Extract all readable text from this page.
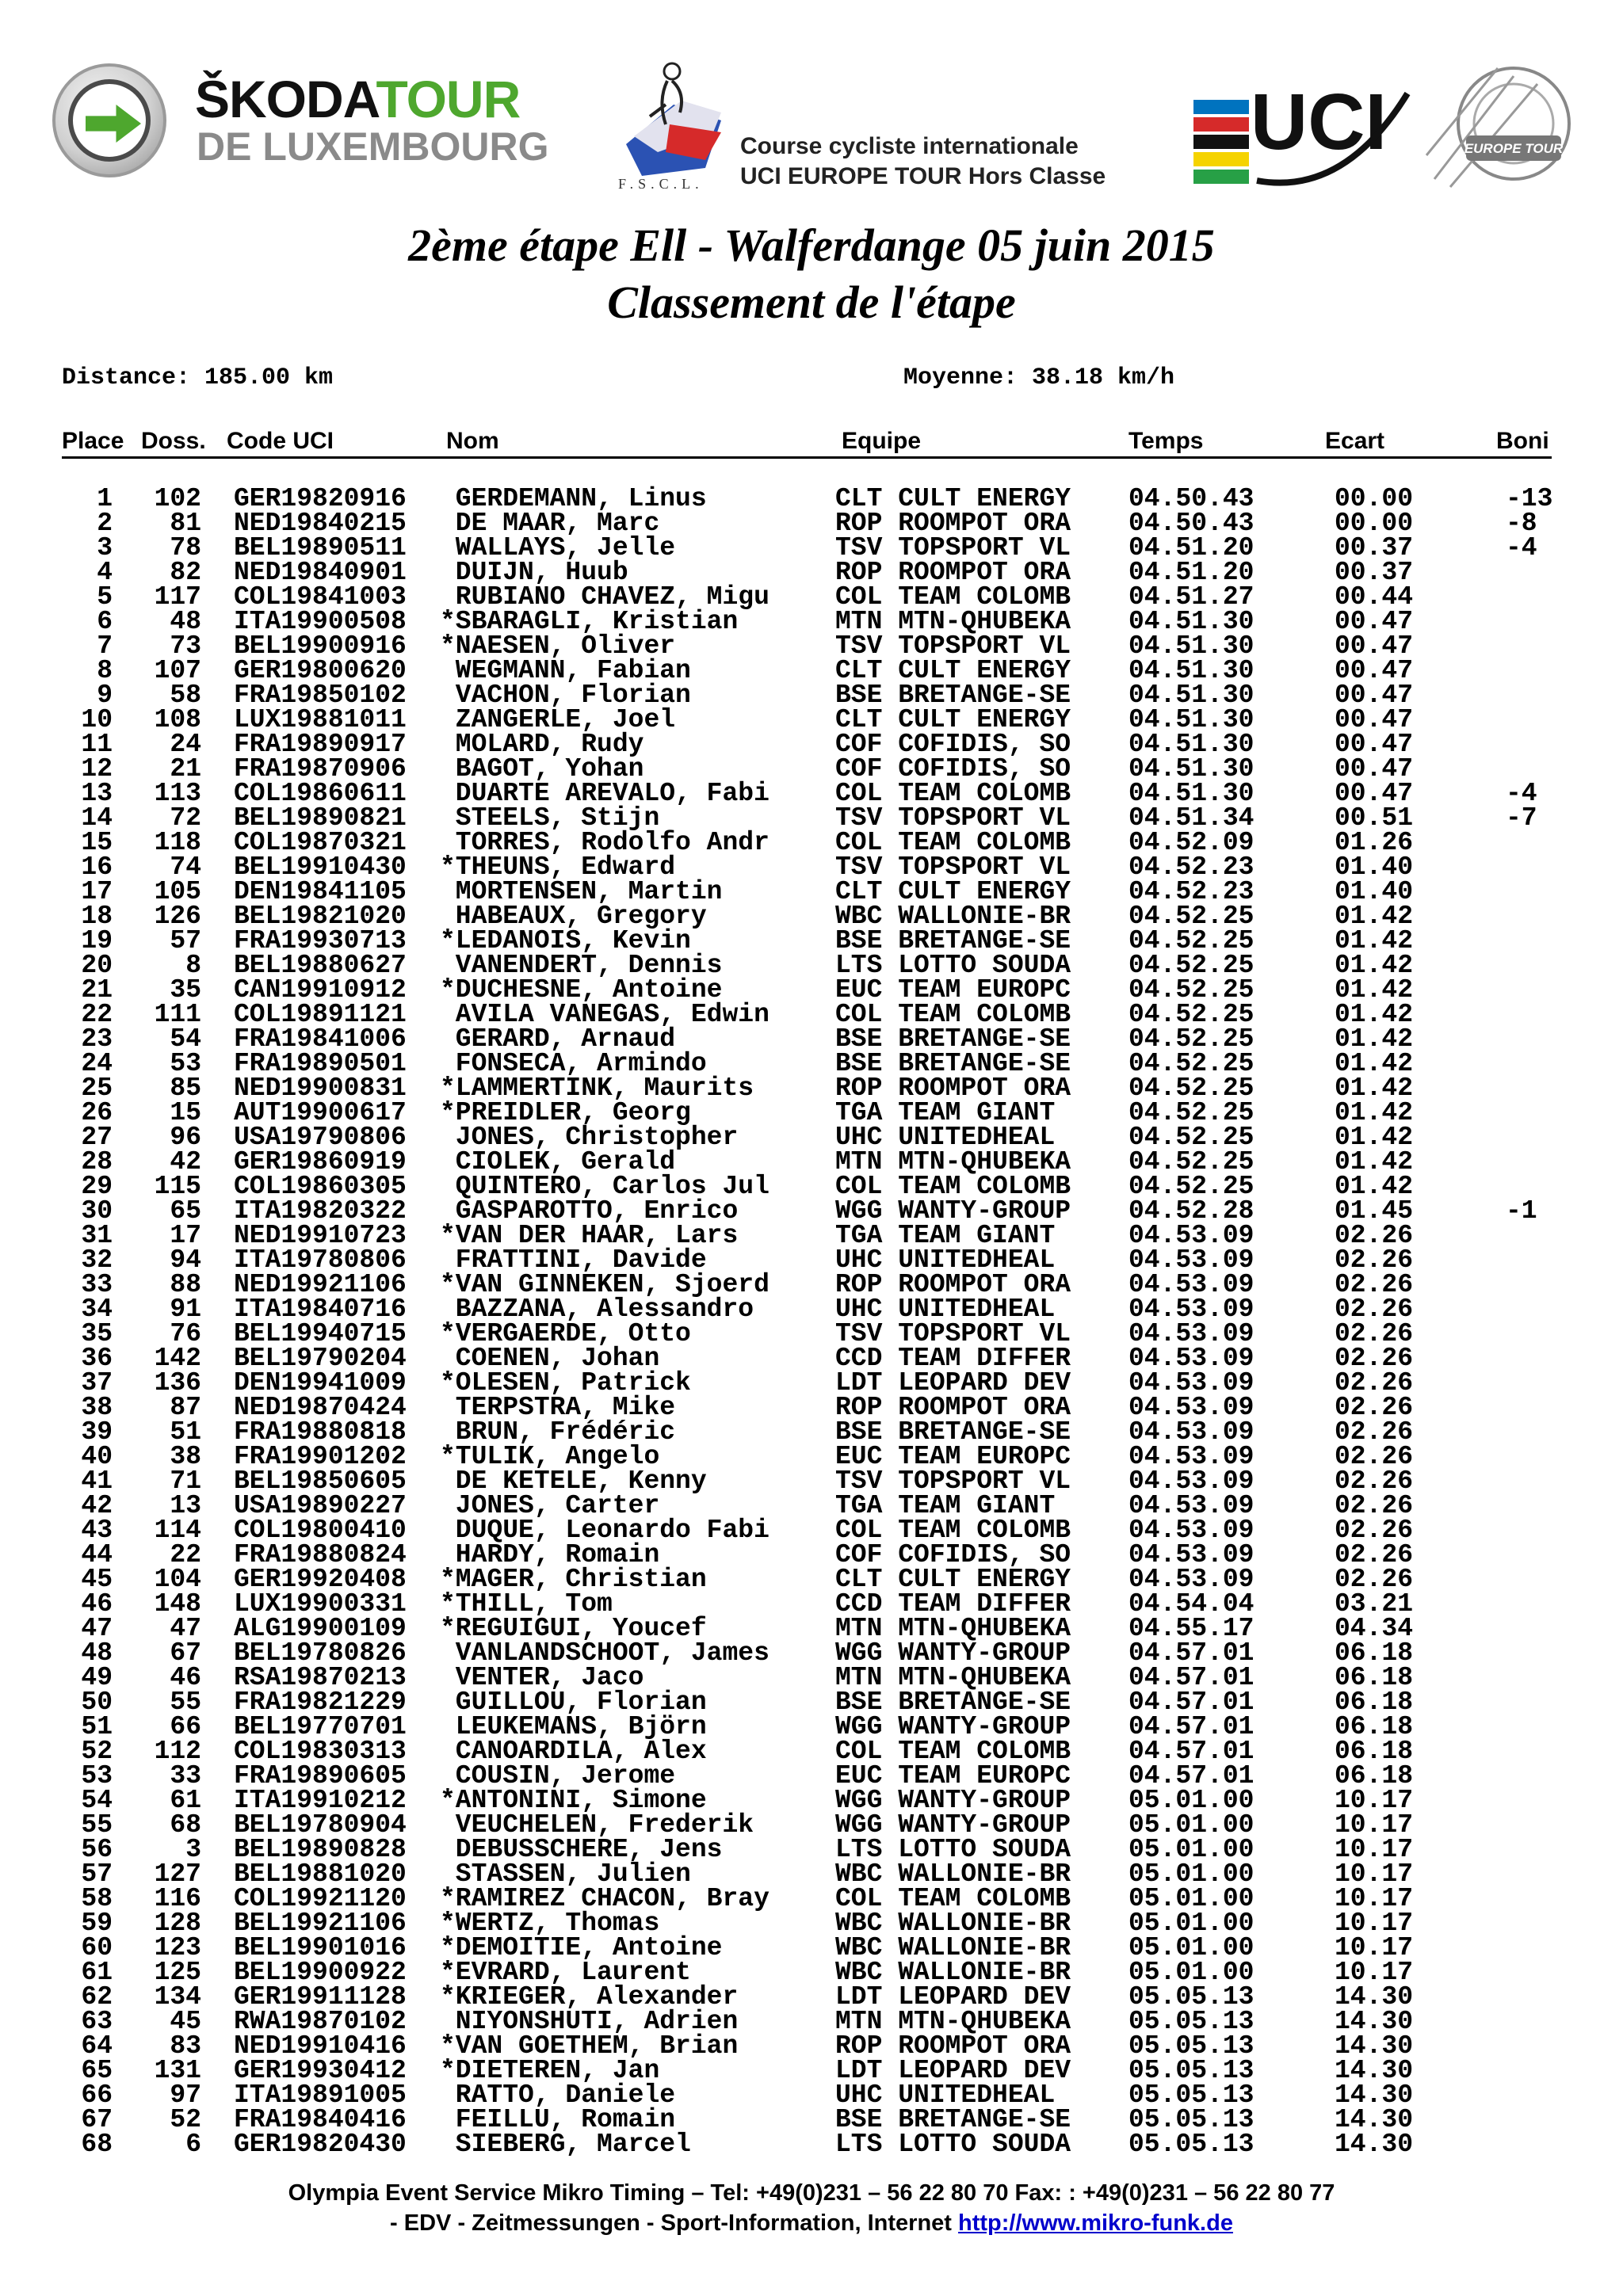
ŠKODATOUR
DE LUXEMBOURG
F.S.C.L.
Course cycliste internationale
UCI EUROPE TOUR Hors Classe
UCI	EUROPE TOUR
2ème étape Ell - Walferdange 05 juin 2015
Classement de l'étape
Distance: 185.00 km	Moyenne: 38.18 km/h
Place Doss. Code UCI	Nom	Equipe	Temps	Ecart	Boni
1	102 GER19820916 GERDEMANN, Linus	CLT CULT ENERGY 04.50.43	00.00	-13
2	81 NED19840215 DE MAAR, Marc	ROP ROOMPOT ORA 04.50.43	00.00	-8
3	78 BEL19890511 WALLAYS, Jelle	TSV TOPSPORT VL 04.51.20	00.37	-4
4	82 NED19840901 DUIJN, Huub	ROP ROOMPOT ORA 04.51.20	00.37
5	117 COL19841003 RUBIANO CHAVEZ, Migu	COL TEAM COLOMB 04.51.27	00.44
6	48 ITA19900508 *SBARAGLI, Kristian	MTN MTN-QHUBEKA 04.51.30	00.47
7	73 BEL19900916 *NAESEN, Oliver	TSV TOPSPORT VL 04.51.30	00.47
8	107 GER19800620 WEGMANN, Fabian	CLT CULT ENERGY 04.51.30	00.47
9	58 FRA19850102 VACHON, Florian	BSE BRETANGE-SE 04.51.30	00.47
10	108 LUX19881011 ZANGERLE, Joel	CLT CULT ENERGY 04.51.30	00.47
11	24 FRA19890917 MOLARD, Rudy	COF COFIDIS, SO 04.51.30	00.47
12	21 FRA19870906 BAGOT, Yohan	COF COFIDIS, SO 04.51.30	00.47
13	113 COL19860611 DUARTE AREVALO, Fabi	COL TEAM COLOMB 04.51.30	00.47	-4
14	72 BEL19890821 STEELS, Stijn	TSV TOPSPORT VL 04.51.34	00.51	-7
15	118 COL19870321 TORRES, Rodolfo Andr	COL TEAM COLOMB 04.52.09	01.26
16	74 BEL19910430 *THEUNS, Edward	TSV TOPSPORT VL 04.52.23	01.40
17	105 DEN19841105 MORTENSEN, Martin	CLT CULT ENERGY 04.52.23	01.40
18	126 BEL19821020 HABEAUX, Gregory	WBC WALLONIE-BR 04.52.25	01.42
19	57 FRA19930713 *LEDANOIS, Kevin	BSE BRETANGE-SE 04.52.25	01.42
20	8 BEL19880627 VANENDERT, Dennis	LTS LOTTO SOUDA 04.52.25	01.42
21	35 CAN19910912 *DUCHESNE, Antoine	EUC TEAM EUROPC 04.52.25	01.42
22	111 COL19891121 AVILA VANEGAS, Edwin	COL TEAM COLOMB 04.52.25	01.42
23	54 FRA19841006 GERARD, Arnaud	BSE BRETANGE-SE 04.52.25	01.42
24	53 FRA19890501 FONSECA, Armindo	BSE BRETANGE-SE 04.52.25	01.42
25	85 NED19900831 *LAMMERTINK, Maurits	ROP ROOMPOT ORA 04.52.25	01.42
26	15 AUT19900617 *PREIDLER, Georg	TGA TEAM GIANT	04.52.25	01.42
27	96 USA19790806 JONES, Christopher	UHC UNITEDHEAL	04.52.25	01.42
28	42 GER19860919 CIOLEK, Gerald	MTN MTN-QHUBEKA 04.52.25	01.42
29	115 COL19860305 QUINTERO, Carlos Jul	COL TEAM COLOMB 04.52.25	01.42
30	65 ITA19820322 GASPAROTTO, Enrico	WGG WANTY-GROUP 04.52.28	01.45	-1
31	17 NED19910723 *VAN DER HAAR, Lars	TGA TEAM GIANT	04.53.09	02.26
32	94 ITA19780806 FRATTINI, Davide	UHC UNITEDHEAL	04.53.09	02.26
33	88 NED19921106 *VAN GINNEKEN, Sjoerd	ROP ROOMPOT ORA 04.53.09	02.26
34	91 ITA19840716 BAZZANA, Alessandro	UHC UNITEDHEAL	04.53.09	02.26
35	76 BEL19940715 *VERGAERDE, Otto	TSV TOPSPORT VL 04.53.09	02.26
36	142 BEL19790204 COENEN, Johan	CCD TEAM DIFFER 04.53.09	02.26
37	136 DEN19941009 *OLESEN, Patrick	LDT LEOPARD DEV 04.53.09	02.26
38	87 NED19870424 TERPSTRA, Mike	ROP ROOMPOT ORA 04.53.09	02.26
39	51 FRA19880818 BRUN, Frédéric	BSE BRETANGE-SE 04.53.09	02.26
40	38 FRA19901202 *TULIK, Angelo	EUC TEAM EUROPC 04.53.09	02.26
41	71 BEL19850605 DE KETELE, Kenny	TSV TOPSPORT VL 04.53.09	02.26
42	13 USA19890227 JONES, Carter	TGA TEAM GIANT	04.53.09	02.26
43	114 COL19800410 DUQUE, Leonardo Fabi	COL TEAM COLOMB 04.53.09	02.26
44	22 FRA19880824 HARDY, Romain	COF COFIDIS, SO 04.53.09	02.26
45	104 GER19920408 *MAGER, Christian	CLT CULT ENERGY 04.53.09	02.26
46	148 LUX19900331 *THILL, Tom	CCD TEAM DIFFER 04.54.04	03.21
47	47 ALG19900109 *REGUIGUI, Youcef	MTN MTN-QHUBEKA 04.55.17	04.34
48	67 BEL19780826 VANLANDSCHOOT, James	WGG WANTY-GROUP 04.57.01	06.18
49	46 RSA19870213 VENTER, Jaco	MTN MTN-QHUBEKA 04.57.01	06.18
50	55 FRA19821229 GUILLOU, Florian	BSE BRETANGE-SE 04.57.01	06.18
51	66 BEL19770701 LEUKEMANS, Björn	WGG WANTY-GROUP 04.57.01	06.18
52	112 COL19830313 CANOARDILA, Alex	COL TEAM COLOMB 04.57.01	06.18
53	33 FRA19890605 COUSIN, Jerome	EUC TEAM EUROPC 04.57.01	06.18
54	61 ITA19910212 *ANTONINI, Simone	WGG WANTY-GROUP 05.01.00	10.17
55	68 BEL19780904 VEUCHELEN, Frederik	WGG WANTY-GROUP 05.01.00	10.17
56	3 BEL19890828 DEBUSSCHERE, Jens	LTS LOTTO SOUDA 05.01.00	10.17
57	127 BEL19881020 STASSEN, Julien	WBC WALLONIE-BR 05.01.00	10.17
58	116 COL19921120 *RAMIREZ CHACON, Bray	COL TEAM COLOMB 05.01.00	10.17
59	128 BEL19921106 *WERTZ, Thomas	WBC WALLONIE-BR 05.01.00	10.17
60	123 BEL19901016 *DEMOITIE, Antoine	WBC WALLONIE-BR 05.01.00	10.17
61	125 BEL19900922 *EVRARD, Laurent	WBC WALLONIE-BR 05.01.00	10.17
62	134 GER19911128 *KRIEGER, Alexander	LDT LEOPARD DEV 05.05.13	14.30
63	45 RWA19870102 NIYONSHUTI, Adrien	MTN MTN-QHUBEKA 05.05.13	14.30
64	83 NED19910416 *VAN GOETHEM, Brian	ROP ROOMPOT ORA 05.05.13	14.30
65	131 GER19930412 *DIETEREN, Jan	LDT LEOPARD DEV 05.05.13	14.30
66	97 ITA19891005 RATTO, Daniele	UHC UNITEDHEAL	05.05.13	14.30
67	52 FRA19840416 FEILLU, Romain	BSE BRETANGE-SE 05.05.13	14.30
68	6 GER19820430 SIEBERG, Marcel	LTS LOTTO SOUDA 05.05.13	14.30
Olympia Event Service Mikro Timing – Tel: +49(0)231 – 56 22 80 70 Fax: : +49(0)231 – 56 22 80 77
- EDV - Zeitmessungen - Sport-Information, Internet http://www.mikro-funk.de
